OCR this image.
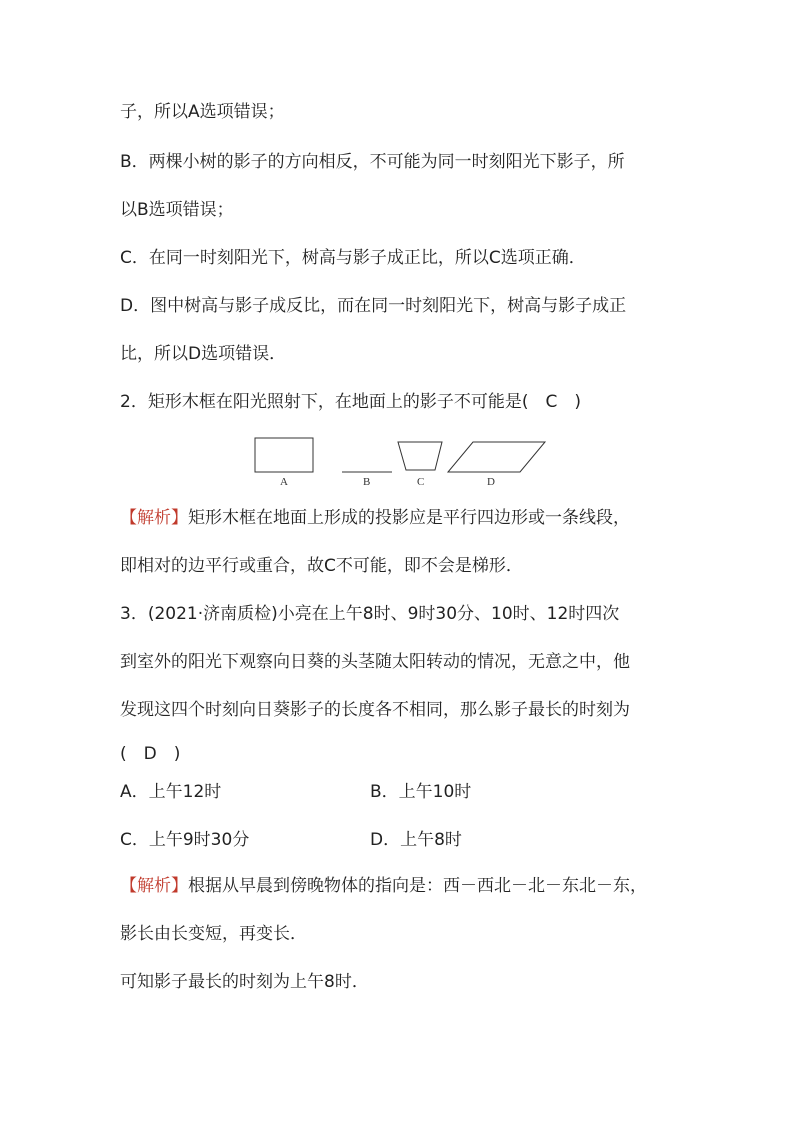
子，所以A选项错误；
B．两棵小树的影子的方向相反，不可能为同一时刻阳光下影子，所
以B选项错误；
C．在同一时刻阳光下，树高与影子成正比，所以C选项正确．
D．图中树高与影子成反比，而在同一时刻阳光下，树高与影子成正
比，所以D选项错误．
2．矩形木框在阳光照射下，在地面上的影子不可能是(　C　)
A	B	C	D
【解析】矩形木框在地面上形成的投影应是平行四边形或一条线段，
即相对的边平行或重合，故C不可能，即不会是梯形．
3．(2021·济南质检)小亮在上午8时、9时30分、10时、12时四次
到室外的阳光下观察向日葵的头茎随太阳转动的情况，无意之中，他
发现这四个时刻向日葵影子的长度各不相同，那么影子最长的时刻为
(　D　)
A．上午12时	B．上午10时
C．上午9时30分	D．上午8时
【解析】根据从早晨到傍晚物体的指向是：西－西北－北－东北－东，
影长由长变短，再变长．
可知影子最长的时刻为上午8时．
